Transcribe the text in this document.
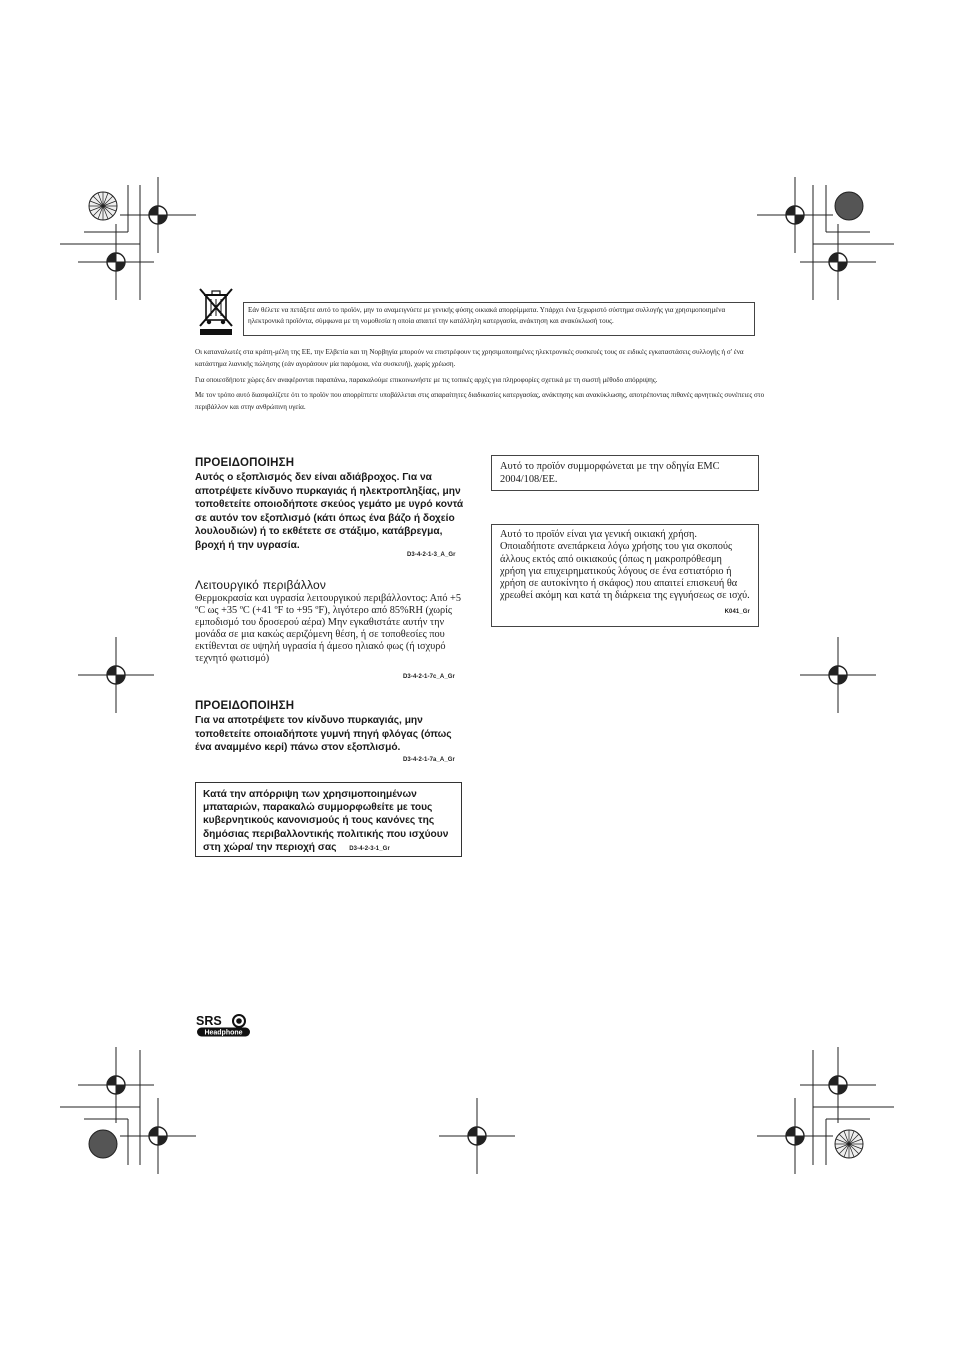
Εάν θέλετε να πετάξετε αυτό το προϊόν, μην το αναμειγνύετε με γενικής φύσης οικιακά απορρίμματα. Υπάρχει ένα ξεχωριστό σύστημα συλλογής για χρησιμοποιημένα ηλεκτρονικά προϊόντα, σύμφωνα με τη νομοθεσία η οποία απαιτεί την κατάλληλη κατεργασία, ανάκτηση και ανακύκλωσή τους.

Οι καταναλωτές στα κράτη-μέλη της ΕΕ, την Ελβετία και τη Νορβηγία μπορούν να επιστρέφουν τις χρησιμοποιημένες ηλεκτρονικές συσκευές τους σε ειδικές εγκαταστάσεις συλλογής ή σ' ένα κατάστημα λιανικής πώλησης (εάν αγοράσουν μία παρόμοια, νέα συσκευή), χωρίς χρέωση.

Για οποιεσδήποτε χώρες δεν αναφέρονται παραπάνω, παρακαλούμε επικοινωνήστε με τις τοπικές αρχές για πληροφορίες σχετικά με τη σωστή μέθοδο απόρριψης.

Με τον τρόπο αυτό διασφαλίζετε ότι το προϊόν που απορρίπτετε υποβάλλεται στις απαραίτητες διαδικασίες κατεργασίας, ανάκτησης και ανακύκλωσης, αποτρέποντας πιθανές αρνητικές συνέπειες στο περιβάλλον και στην ανθρώπινη υγεία.

ΠΡΟΕΙΔΟΠΟΙΗΣΗ

Αυτός ο εξοπλισμός δεν είναι αδιάβροχος. Για να αποτρέψετε κίνδυνο πυρκαγιάς ή ηλεκτροπληξίας, μην τοποθετείτε οποιοδήποτε σκεύος γεμάτο με υγρό κοντά σε αυτόν τον εξοπλισμό (κάτι όπως ένα βάζο ή δοχείο λουλουδιών) ή το εκθέτετε σε στάξιμο, κατάβρεγμα, βροχή ή την υγρασία.

D3-4-2-1-3_A_Gr
Λειτουργικό περιβάλλον

Θερμοκρασία και υγρασία λειτουργικού περιβάλλοντος: Από +5 ºC ως +35 ºC (+41 ºF to +95 ºF), λιγότερο από 85%RH (χωρίς εμποδισμό του δροσερού αέρα) Μην εγκαθιστάτε αυτήν την μονάδα σε μια κακώς αεριζόμενη θέση, ή σε τοποθεσίες που εκτίθενται σε υψηλή υγρασία ή άμεσο ηλιακό φως (ή ισχυρό τεχνητό φωτισμό)

D3-4-2-1-7c_A_Gr
ΠΡΟΕΙΔΟΠΟΙΗΣΗ

Για να αποτρέψετε τον κίνδυνο πυρκαγιάς, μην τοποθετείτε οποιαδήποτε γυμνή πηγή φλόγας (όπως ένα αναμμένο κερί) πάνω στον εξοπλισμό.

D3-4-2-1-7a_A_Gr
Κατά την απόρριψη των χρησιμοποιημένων μπαταριών, παρακαλώ συμμορφωθείτε με τους κυβερνητικούς κανονισμούς ή τους κανόνες της δημόσιας περιβαλλοντικής πολιτικής που ισχύουν στη χώρα/ την περιοχή σας D3-4-2-3-1_Gr
Αυτό το προϊόν συμμορφώνεται με την οδηγία EMC 2004/108/ΕΕ.
Αυτό το προϊόν είναι για γενική οικιακή χρήση. Οποιαδήποτε ανεπάρκεια λόγω χρήσης του για σκοπούς άλλους εκτός από οικιακούς (όπως η μακροπρόθεσμη χρήση για επιχειρηματικούς λόγους σε ένα εστιατόριο ή χρήση σε αυτοκίνητο ή σκάφος) που απαιτεί επισκευή θα χρεωθεί ακόμη και κατά τη διάρκεια της εγγυήσεως σε ισχύ.
K041_Gr
SRS
Headphone
